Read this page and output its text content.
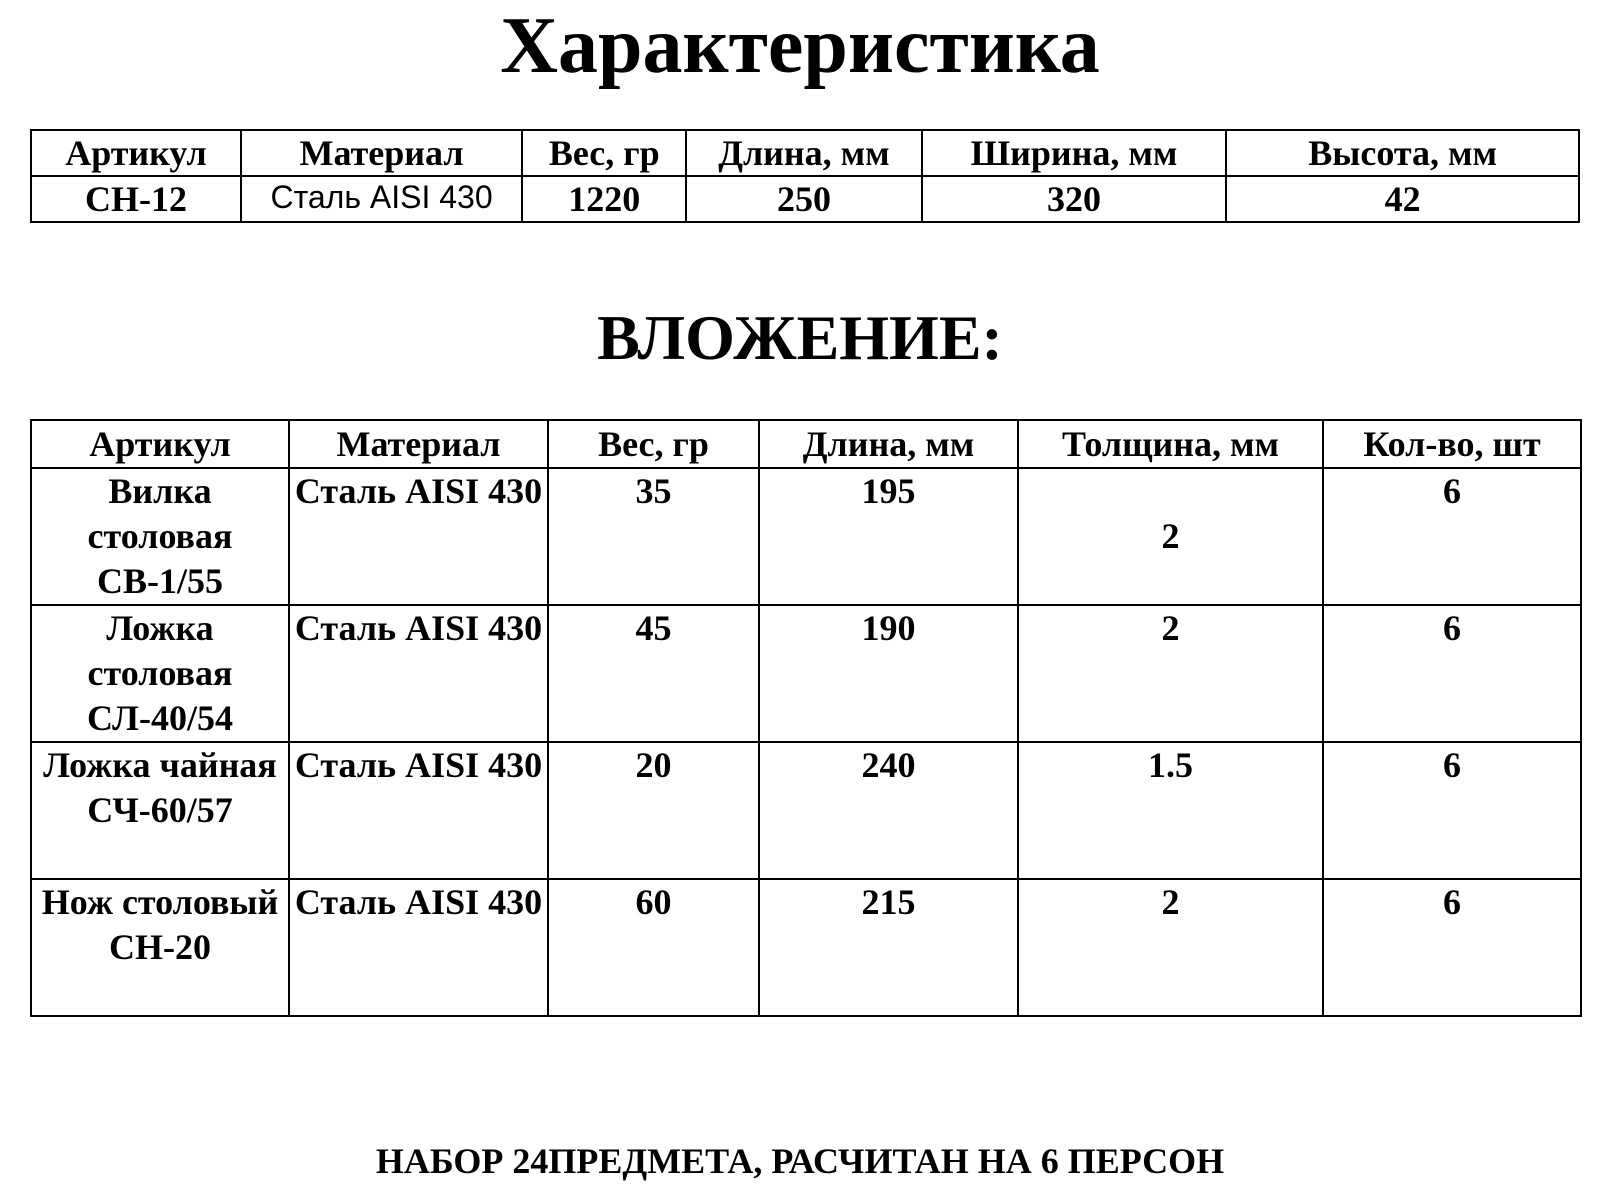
Характеристика
Артикул	Материал	Вес, гр	Длина, мм	Ширина, мм	Высота, мм
СН-12	Сталь AISI 430	1220	250	320	42
ВЛОЖЕНИЕ:
Артикул	Материал	Вес, гр	Длина, мм	Толщина, мм	Кол-во, шт
Вилка столовая СВ-1/55	Сталь AISI 430	35	195	2	6
Ложка столовая СЛ-40/54	Сталь AISI 430	45	190	2	6
Ложка чайная СЧ-60/57	Сталь AISI 430	20	240	1.5	6
Нож столовый СН-20	Сталь AISI 430	60	215	2	6

НАБОР 24ПРЕДМЕТА, РАСЧИТАН НА 6 ПЕРСОН
